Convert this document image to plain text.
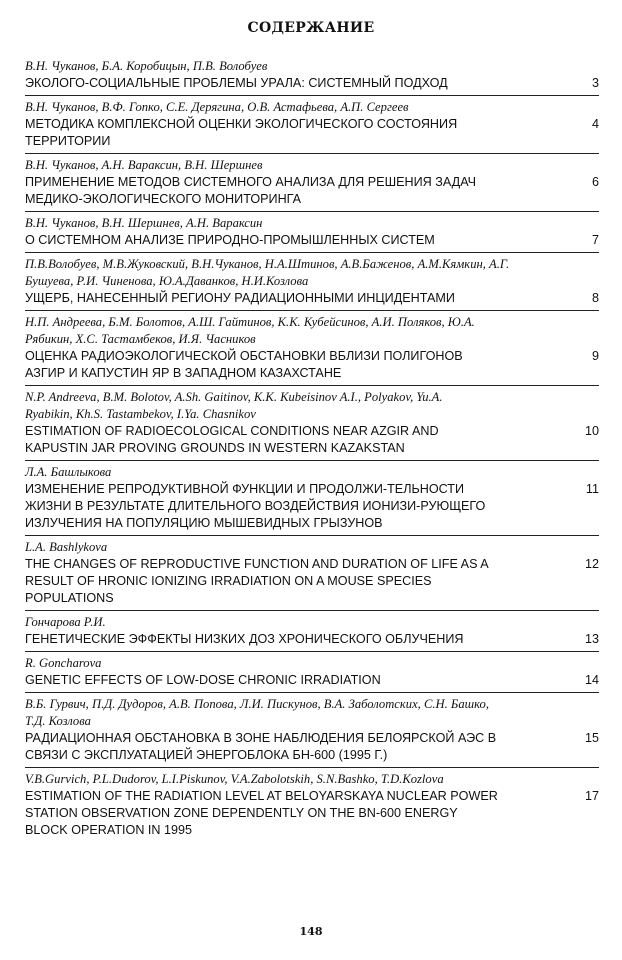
СОДЕРЖАНИЕ
В.Н. Чуканов, Б.А. Коробицын, П.В. Волобуев
3
ЭКОЛОГО-СОЦИАЛЬНЫЕ ПРОБЛЕМЫ УРАЛА: СИСТЕМНЫЙ ПОДХОД
В.Н. Чуканов, В.Ф. Гопко, С.Е. Дерягина, О.В. Астафьева, А.П. Сергеев
4
МЕТОДИКА КОМПЛЕКСНОЙ ОЦЕНКИ ЭКОЛОГИЧЕСКОГО СОСТОЯНИЯ
ТЕРРИТОРИИ
В.Н. Чуканов, А.Н. Вараксин, В.Н. Шершнев
6
ПРИМЕНЕНИЕ МЕТОДОВ СИСТЕМНОГО АНАЛИЗА ДЛЯ РЕШЕНИЯ ЗАДАЧ
МЕДИКО-ЭКОЛОГИЧЕСКОГО МОНИТОРИНГА
В.Н. Чуканов, В.Н. Шершнев, А.Н. Вараксин
7
О СИСТЕМНОМ АНАЛИЗЕ ПРИРОДНО-ПРОМЫШЛЕННЫХ СИСТЕМ
П.В.Волобуев, М.В.Жуковский, В.Н.Чуканов, Н.А.Штинов, А.В.Баженов, А.М.Кямкин, А.Г.
Бушуева, Р.И. Чиненова, Ю.А.Даванков, Н.И.Козлова
8
УЩЕРБ, НАНЕСЕННЫЙ РЕГИОНУ РАДИАЦИОННЫМИ ИНЦИДЕНТАМИ
Н.П. Андреева, Б.М. Болотов, А.Ш. Гайтинов, К.К. Кубейсинов, А.И. Поляков, Ю.А.
Рябикин, Х.С. Тастамбеков, И.Я. Часников
9
ОЦЕНКА РАДИОЭКОЛОГИЧЕСКОЙ ОБСТАНОВКИ ВБЛИЗИ ПОЛИГОНОВ
АЗГИР И КАПУСТИН ЯР В ЗАПАДНОМ КАЗАХСТАНЕ
N.P. Andreeva, B.M. Bolotov, A.Sh. Gaitinov, K.K. Kubeisinov A.I., Polyakov, Yu.A.
Ryabikin, Kh.S. Tastambekov, I.Ya. Chasnikov
10
ESTIMATION OF RADIOECOLOGICAL CONDITIONS NEAR AZGIR AND
KAPUSTIN JAR PROVING GROUNDS IN WESTERN KAZAKSTAN
Л.А. Башлыкова
11
ИЗМЕНЕНИЕ РЕПРОДУКТИВНОЙ ФУНКЦИИ И ПРОДОЛЖИ-ТЕЛЬНОСТИ
ЖИЗНИ В РЕЗУЛЬТАТЕ ДЛИТЕЛЬНОГО ВОЗДЕЙСТВИЯ ИОНИЗИ-РУЮЩЕГО
ИЗЛУЧЕНИЯ НА ПОПУЛЯЦИЮ МЫШЕВИДНЫХ ГРЫЗУНОВ
L.A. Bashlykova
12
THE CHANGES OF REPRODUCTIVE FUNCTION AND DURATION OF LIFE AS A
RESULT OF HRONIC IONIZING IRRADIATION ON A MOUSE SPECIES
POPULATIONS
Гончарова Р.И.
13
ГЕНЕТИЧЕСКИЕ ЭФФЕКТЫ НИЗКИХ ДОЗ ХРОНИЧЕСКОГО ОБЛУЧЕНИЯ
R. Goncharova
14
GENETIC EFFECTS OF LOW-DOSE CHRONIC IRRADIATION
В.Б. Гурвич, П.Д. Дудоров, А.В. Попова, Л.И. Пискунов, В.А. Заболотских, С.Н. Башко,
Т.Д. Козлова
15
РАДИАЦИОННАЯ ОБСТАНОВКА В ЗОНЕ НАБЛЮДЕНИЯ БЕЛОЯРСКОЙ АЭС В
СВЯЗИ С ЭКСПЛУАТАЦИЕЙ ЭНЕРГОБЛОКА БН-600 (1995 Г.)
V.B.Gurvich, P.L.Dudorov, L.I.Piskunov, V.A.Zabolotskih, S.N.Bashko, T.D.Kozlova
17
ESTIMATION OF THE RADIATION LEVEL AT BELOYARSKAYA NUCLEAR POWER
STATION OBSERVATION ZONE DEPENDENTLY ON THE BN-600 ENERGY
BLOCK OPERATION IN 1995
148
